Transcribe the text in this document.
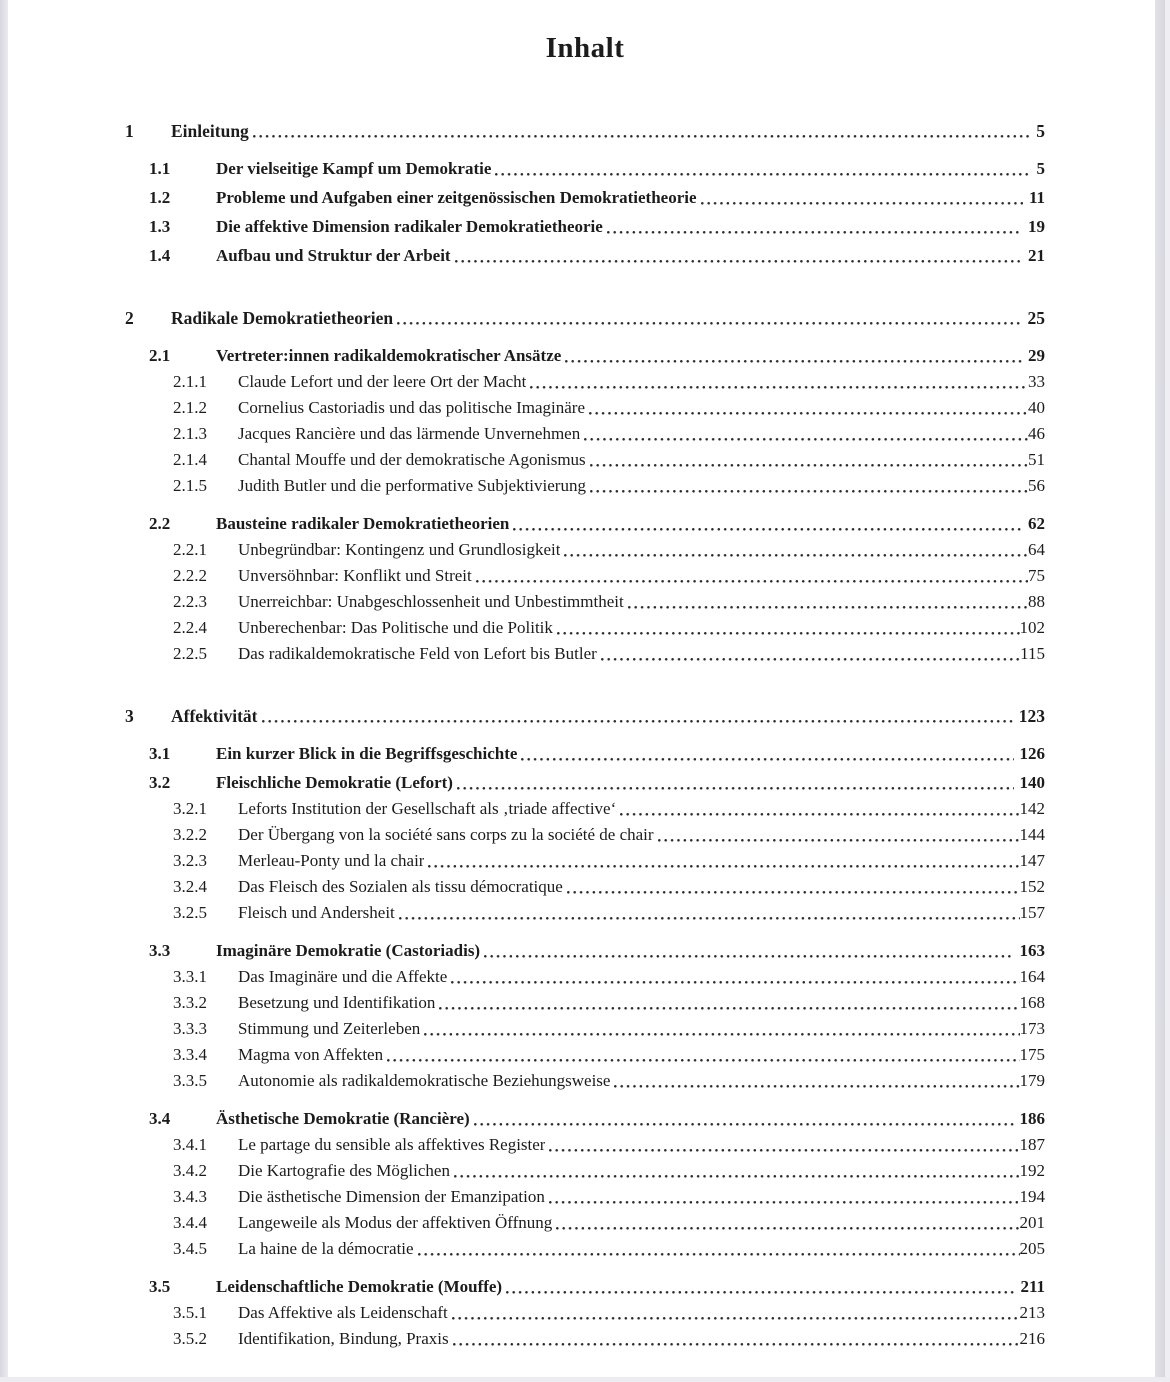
Inhalt
1	Einleitung	5
1.1	Der vielseitige Kampf um Demokratie	5
1.2	Probleme und Aufgaben einer zeitgenössischen Demokratietheorie	11
1.3	Die affektive Dimension radikaler Demokratietheorie	19
1.4	Aufbau und Struktur der Arbeit	21
2	Radikale Demokratietheorien	25
2.1	Vertreter:innen radikaldemokratischer Ansätze	29
2.1.1	Claude Lefort und der leere Ort der Macht	33
2.1.2	Cornelius Castoriadis und das politische Imaginäre	40
2.1.3	Jacques Rancière und das lärmende Unvernehmen	46
2.1.4	Chantal Mouffe und der demokratische Agonismus	51
2.1.5	Judith Butler und die performative Subjektivierung	56
2.2	Bausteine radikaler Demokratietheorien	62
2.2.1	Unbegründbar: Kontingenz und Grundlosigkeit	64
2.2.2	Unversöhnbar: Konflikt und Streit	75
2.2.3	Unerreichbar: Unabgeschlossenheit und Unbestimmtheit	88
2.2.4	Unberechenbar: Das Politische und die Politik	102
2.2.5	Das radikaldemokratische Feld von Lefort bis Butler	115
3	Affektivität	123
3.1	Ein kurzer Blick in die Begriffsgeschichte	126
3.2	Fleischliche Demokratie (Lefort)	140
3.2.1	Leforts Institution der Gesellschaft als ‚triade affective‘	142
3.2.2	Der Übergang von la société sans corps zu la société de chair	144
3.2.3	Merleau-Ponty und la chair	147
3.2.4	Das Fleisch des Sozialen als tissu démocratique	152
3.2.5	Fleisch und Andersheit	157
3.3	Imaginäre Demokratie (Castoriadis)	163
3.3.1	Das Imaginäre und die Affekte	164
3.3.2	Besetzung und Identifikation	168
3.3.3	Stimmung und Zeiterleben	173
3.3.4	Magma von Affekten	175
3.3.5	Autonomie als radikaldemokratische Beziehungsweise	179
3.4	Ästhetische Demokratie (Rancière)	186
3.4.1	Le partage du sensible als affektives Register	187
3.4.2	Die Kartografie des Möglichen	192
3.4.3	Die ästhetische Dimension der Emanzipation	194
3.4.4	Langeweile als Modus der affektiven Öffnung	201
3.4.5	La haine de la démocratie	205
3.5	Leidenschaftliche Demokratie (Mouffe)	211
3.5.1	Das Affektive als Leidenschaft	213
3.5.2	Identifikation, Bindung, Praxis	216
